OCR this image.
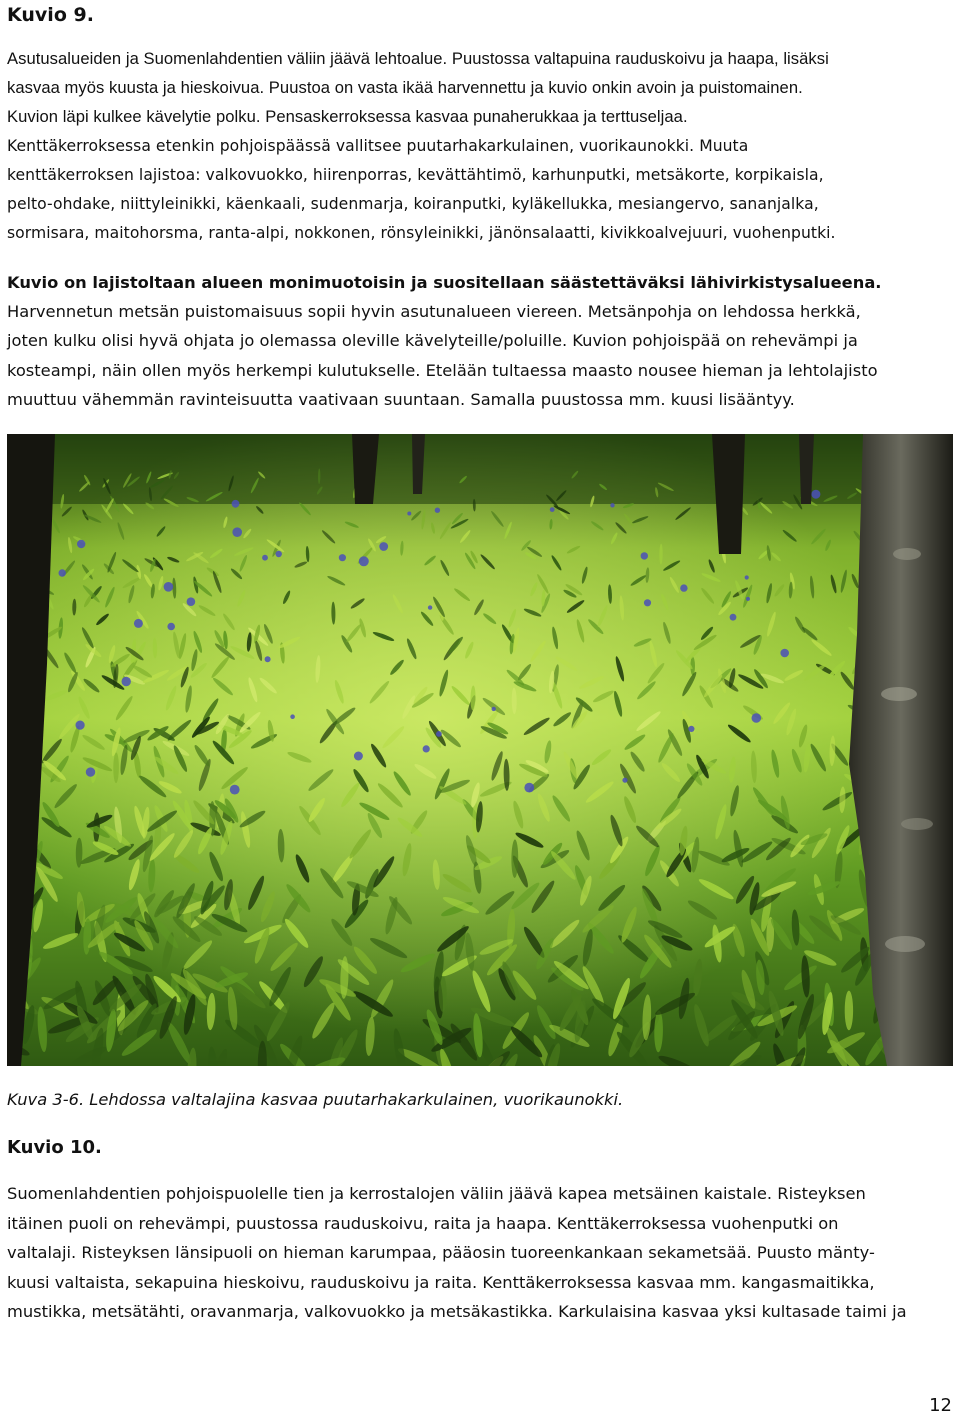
Kuvio 9.

Asutusalueiden ja Suomenlahdentien väliin jäävä lehtoalue. Puustossa valtapuina rauduskoivu ja haapa, lisäksi
kasvaa myös kuusta ja hieskoivua. Puustoa on vasta ikää harvennettu ja kuvio onkin avoin ja puistomainen.
Kuvion läpi kulkee kävelytie polku. Pensaskerroksessa kasvaa punaherukkaa ja terttuseljaa.
Kenttäkerroksessa etenkin pohjoispäässä vallitsee puutarhakarkulainen, vuorikaunokki. Muuta
kenttäkerroksen lajistoa: valkovuokko, hiirenporras, kevättähtimö, karhunputki, metsäkorte, korpikaisla,
pelto-ohdake, niittyleinikki, käenkaali, sudenmarja, koiranputki, kyläkellukka, mesiangervo, sananjalka,
sormisara, maitohorsma, ranta-alpi, nokkonen, rönsyleinikki, jänönsalaatti, kivikkoalvejuuri, vuohenputki.

Kuvio on lajistoltaan alueen monimuotoisin ja suositellaan säästettäväksi lähivirkistysalueena.
Harvennetun metsän puistomaisuus sopii hyvin asutunalueen viereen. Metsänpohja on lehdossa herkkä,
joten kulku olisi hyvä ohjata jo olemassa oleville kävelyteille/poluille. Kuvion pohjoispää on rehevämpi ja
kosteampi, näin ollen myös herkempi kulutukselle. Etelään tultaessa maasto nousee hieman ja lehtolajisto
muuttuu vähemmän ravinteisuutta vaativaan suuntaan. Samalla puustossa mm. kuusi lisääntyy.

Kuva 3-6. Lehdossa valtalajina kasvaa puutarhakarkulainen, vuorikaunokki.

Kuvio 10.

Suomenlahdentien pohjoispuolelle tien ja kerrostalojen väliin jäävä kapea metsäinen kaistale. Risteyksen
itäinen puoli on rehevämpi, puustossa rauduskoivu, raita ja haapa. Kenttäkerroksessa vuohenputki on
valtalaji. Risteyksen länsipuoli on hieman karumpaa, pääosin tuoreenkankaan sekametsää. Puusto mänty-
kuusi valtaista, sekapuina hieskoivu, rauduskoivu ja raita. Kenttäkerroksessa kasvaa mm. kangasmaitikka,
mustikka, metsätähti, oravanmarja, valkovuokko ja metsäkastikka. Karkulaisina kasvaa yksi kultasade taimi ja

12
